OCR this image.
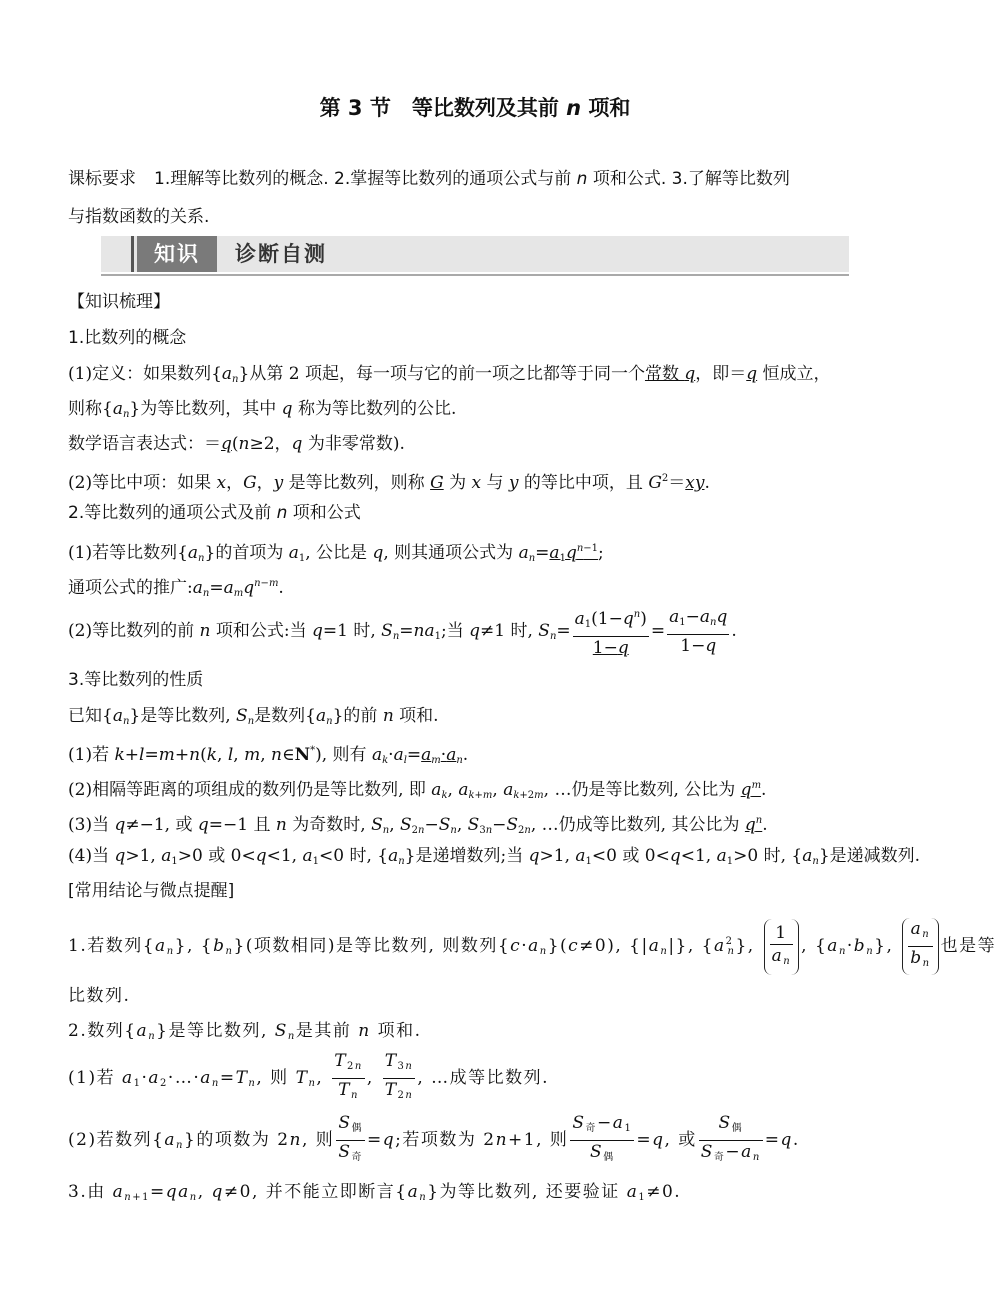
第 3 节　等比数列及其前 n 项和
课标要求 1.理解等比数列的概念. 2.掌握等比数列的通项公式与前 n 项和公式. 3.了解等比数列
与指数函数的关系.
知识	诊断自测
【知识梳理】
1.比数列的概念
(1)定义：如果数列$\{a_n\}$从第 2 项起，每一项与它的前一项之比都等于同一个常数 q，即＝q 恒成立，
则称$\{a_n\}$为等比数列，其中 q 称为等比数列的公比.
数学语言表达式：＝q(n≥2，q 为非零常数).
(2)等比中项：如果 x，G，y 是等比数列，则称 G 为 x 与 y 的等比中项，且 $G^2=xy$.
2.等比数列的通项公式及前 n 项和公式
(1)若等比数列$\{a_n\}$的首项为 $a_1$, 公比是 q, 则其通项公式为 $a_n=a_1q^{n-1}$;
通项公式的推广$:a_n=a_mq^{n-m}$.
(2)等比数列的前 n 项和公式:当 q=1 时, $S_n=na_1$;当 q≠1 时, $S_n= \frac{a_1(1-q^n)}{1-q} = \frac{a_1-a_nq}{1-q}$ .
3.等比数列的性质
已知$\{a_n\}$是等比数列, $S_n$是数列$\{a_n\}$的前 n 项和.
(1)若 k+l=m+n(k, l, m, n∈N*), 则有 $a_k\cdot a_l=a_m\cdot a_n$.
(2)相隔等距离的项组成的数列仍是等比数列, 即 $a_k$, $a_{k+m}$, $a_{k+2m}$, …仍是等比数列, 公比为 $q^m$.
(3)当 q≠−1, 或 q=−1 且 n 为奇数时, $S_n$, $S_{2n}-S_n$, $S_{3n}-S_{2n}$, …仍成等比数列, 其公比为 $q^n$.
(4)当 q>1, $a_1>0$ 或 0<q<1, $a_1<0$ 时, $\{a_n\}$是递增数列;当 q>1, $a_1<0$ 或 0<q<1, $a_1>0$ 时, $\{a_n\}$是递减数列.
[常用结论与微点提醒]
1.若数列$\{a_n\}$, $\{b_n\}$(项数相同)是等比数列, 则数列$\{c\cdot a_n\}(c\ne 0)$, $\{|a_n|\}$, $\{a^2_n\}$, $\frac{1}{a_n}$ , $\{a_n\cdot b_n\}$, $\frac{a_n}{b_n}$ 也是等
比数列.
2.数列$\{a_n\}$是等比数列, $S_n$是其前 n 项和.
(1)若 $a_1\cdot a_2\cdot\dots\cdot a_n=T_n$, 则 $T_n$, $\frac{T_{2n}}{T_n}$ , $\frac{T_{3n}}{T_{2n}}$ , …成等比数列.
(2)若数列$\{a_n\}$的项数为 2n, 则 $\frac{S_偶}{S_奇} =q$;若项数为 2n+1, 则 $\frac{S_奇-a_1}{S_偶} =q$, 或 $\frac{S_偶}{S_奇-a_n} =q$.
3.由 $a_{n+1}=qa_n$, q≠0, 并不能立即断言$\{a_n\}$为等比数列, 还要验证 $a_1\ne 0$.
